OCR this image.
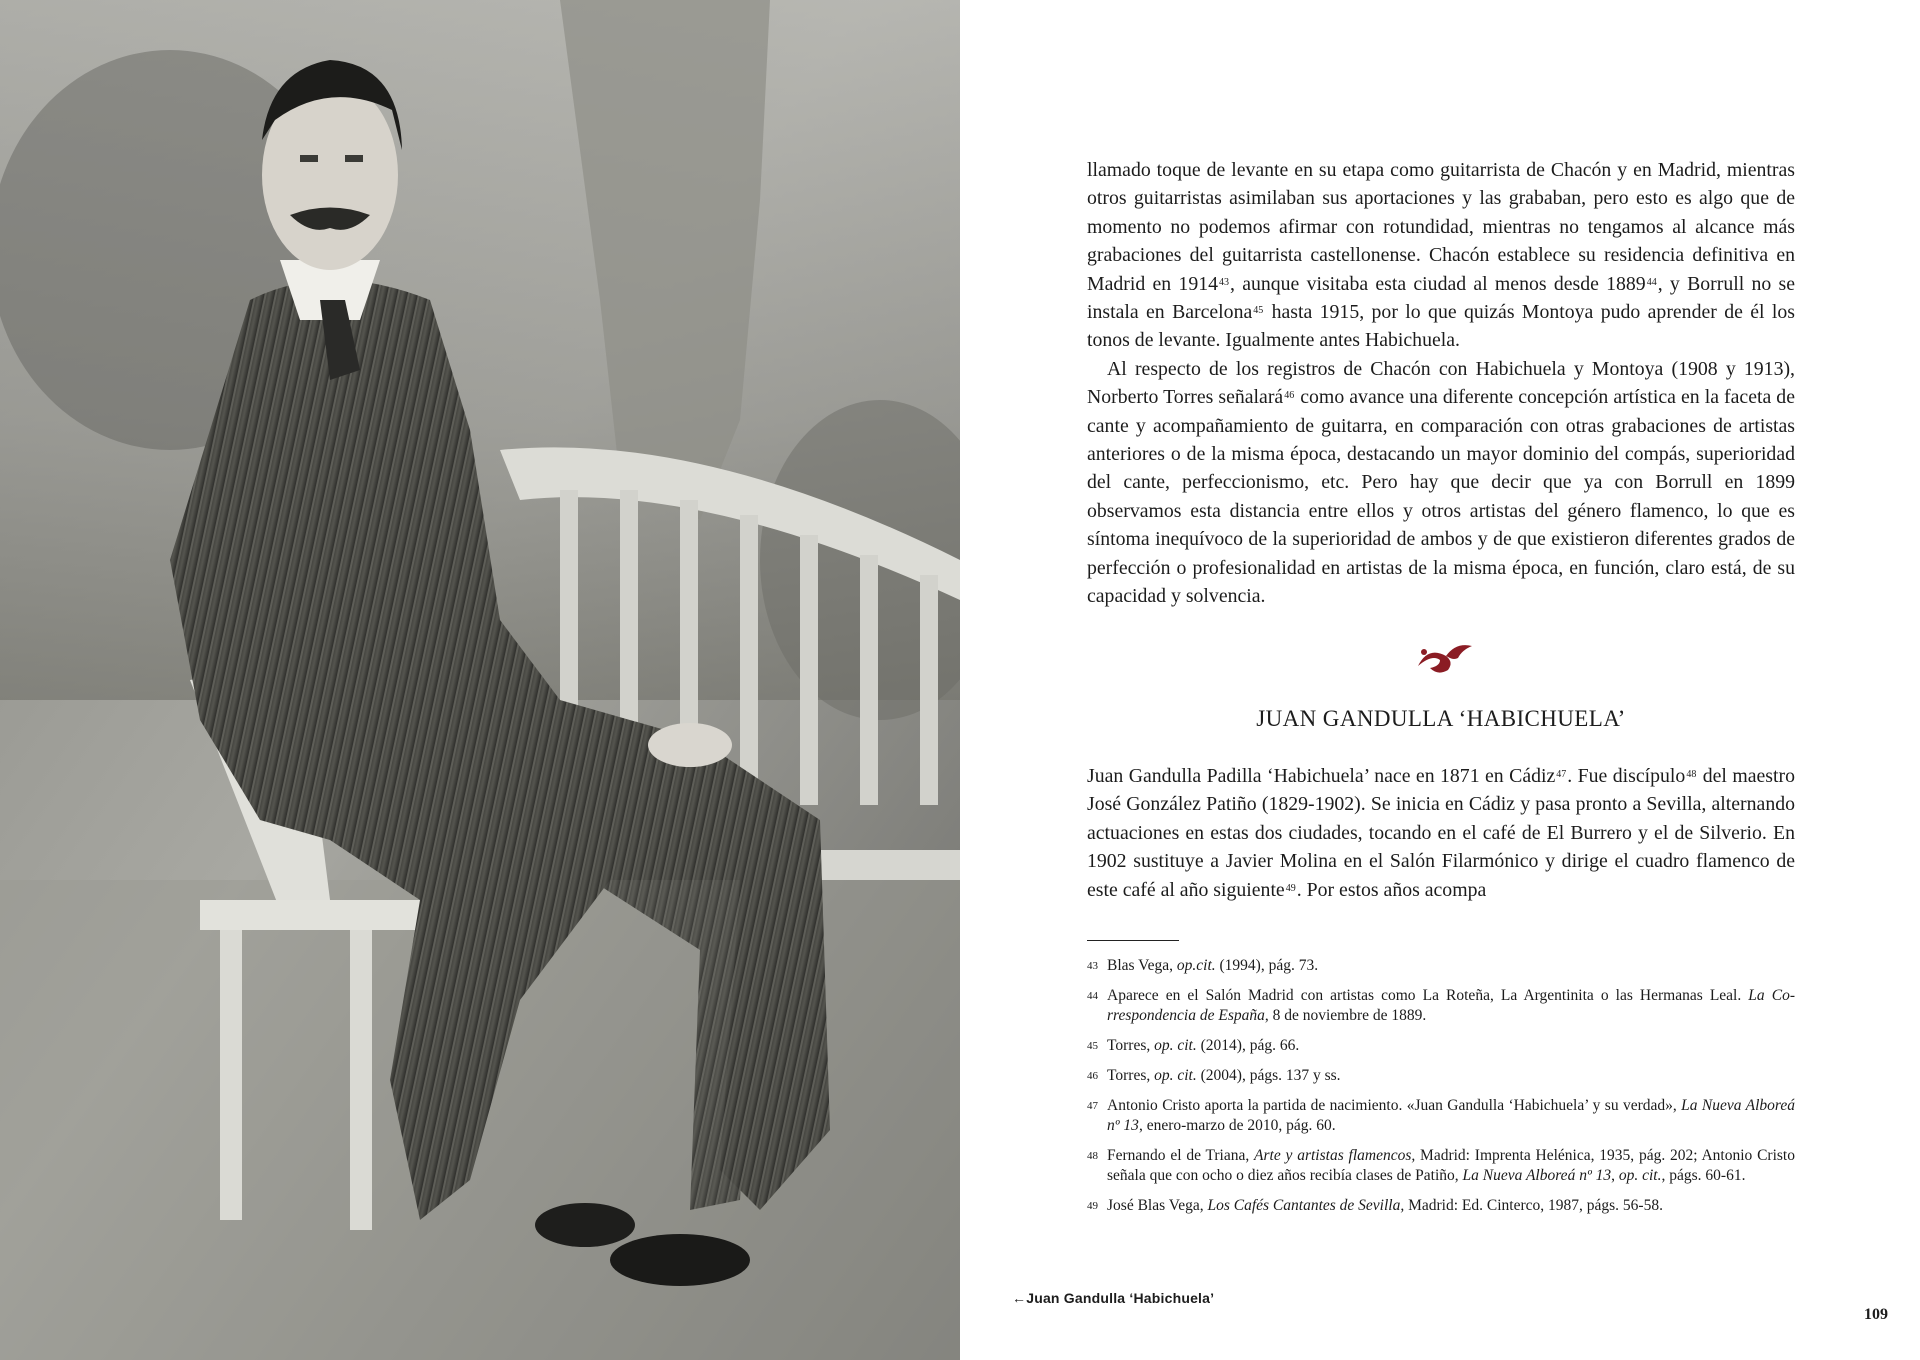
llamado toque de levante en su etapa como guitarrista de Chacón y en Madrid, mientras otros guitarristas asimilaban sus aportaciones y las grababan, pero esto es algo que de momento no podemos afirmar con rotundidad, mientras no tengamos al alcance más grabaciones del guitarrista castellonense. Chacón establece su residencia definitiva en Madrid en 1914$^{43}$, aunque visitaba esta ciudad al menos desde 1889$^{44}$, y Borrull no se instala en Barcelona$^{45}$ hasta 1915, por lo que quizás Montoya pudo aprender de él los tonos de levante. Igualmente antes Habichuela.

Al respecto de los registros de Chacón con Habichuela y Montoya (1908 y 1913), Norberto Torres señalará$^{46}$ como avance una diferente concepción artística en la faceta de cante y acompañamiento de guitarra, en comparación con otras grabaciones de artistas anteriores o de la misma época, destacando un mayor dominio del compás, superioridad del cante, perfeccionismo, etc. Pero hay que decir que ya con Borrull en 1899 observamos esta distancia entre ellos y otros artistas del género flamenco, lo que es síntoma inequívoco de la superioridad de ambos y de que existieron diferentes grados de perfección o profesionalidad en artistas de la misma época, en función, claro está, de su capacidad y solvencia.

JUAN GANDULLA ‘HABICHUELA’

Juan Gandulla Padilla ‘Habichuela’ nace en 1871 en Cádiz$^{47}$. Fue discípulo$^{48}$ del maestro José González Patiño (1829-1902). Se inicia en Cádiz y pasa pronto a Sevilla, alternando actuaciones en estas dos ciudades, tocando en el café de El Burrero y el de Silverio. En 1902 sustituye a Javier Molina en el Salón Filarmónico y dirige el cuadro flamenco de este café al año siguiente$^{49}$. Por estos años acompa

43 Blas Vega, op.cit. (1994), pág. 73.
44 Aparece en el Salón Madrid con artistas como La Roteña, La Argentinita o las Hermanas Leal. La Correspondencia de España, 8 de noviembre de 1889.
45 Torres, op. cit. (2014), pág. 66.
46 Torres, op. cit. (2004), págs. 137 y ss.
47 Antonio Cristo aporta la partida de nacimiento. «Juan Gandulla ‘Habichuela’ y su verdad», La Nueva Alboreá nº 13, enero-marzo de 2010, pág. 60.
48 Fernando el de Triana, Arte y artistas flamencos, Madrid: Imprenta Helénica, 1935, pág. 202; Antonio Cristo señala que con ocho o diez años recibía clases de Patiño, La Nueva Alboreá nº 13, op. cit., págs. 60-61.
49 José Blas Vega, Los Cafés Cantantes de Sevilla, Madrid: Ed. Cinterco, 1987, págs. 56-58.
←Juan Gandulla ‘Habichuela’
109
